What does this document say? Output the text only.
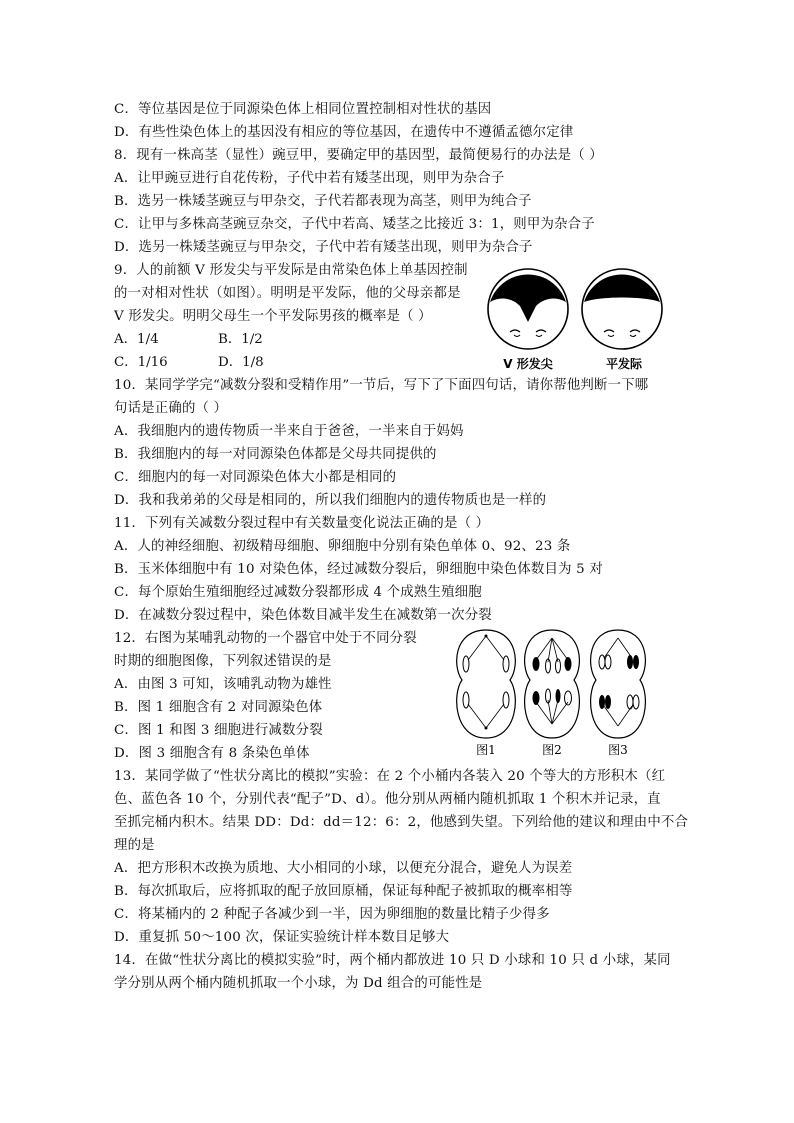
C．等位基因是位于同源染色体上相同位置控制相对性状的基因
D．有些性染色体上的基因没有相应的等位基因，在遗传中不遵循孟德尔定律
8．现有一株高茎（显性）豌豆甲，要确定甲的基因型，最简便易行的办法是（ ）
A．让甲豌豆进行自花传粉，子代中若有矮茎出现，则甲为杂合子
B．选另一株矮茎豌豆与甲杂交，子代若都表现为高茎，则甲为纯合子
C．让甲与多株高茎豌豆杂交，子代中若高、矮茎之比接近 3：1，则甲为杂合子
D．选另一株矮茎豌豆与甲杂交，子代中若有矮茎出现，则甲为杂合子
9．人的前额 V 形发尖与平发际是由常染色体上单基因控制
的一对相对性状（如图）。明明是平发际，他的父母亲都是
V 形发尖。明明父母生一个平发际男孩的概率是（ ）
A．1/4	B．1/2
C．1/16	D．1/8
10．某同学学完“减数分裂和受精作用”一节后，写下了下面四句话，请你帮他判断一下哪
句话是正确的（ ）
A．我细胞内的遗传物质一半来自于爸爸，一半来自于妈妈
B．我细胞内的每一对同源染色体都是父母共同提供的
C．细胞内的每一对同源染色体大小都是相同的
D．我和我弟弟的父母是相同的，所以我们细胞内的遗传物质也是一样的
11．下列有关减数分裂过程中有关数量变化说法正确的是（ ）
A．人的神经细胞、初级精母细胞、卵细胞中分别有染色单体 0、92、23 条
B．玉米体细胞中有 10 对染色体，经过减数分裂后，卵细胞中染色体数目为 5 对
C．每个原始生殖细胞经过减数分裂都形成 4 个成熟生殖细胞
D．在减数分裂过程中，染色体数目减半发生在减数第一次分裂
12．右图为某哺乳动物的一个器官中处于不同分裂
时期的细胞图像，下列叙述错误的是
A．由图 3 可知，该哺乳动物为雄性
B．图 1 细胞含有 2 对同源染色体
C．图 1 和图 3 细胞进行减数分裂
D．图 3 细胞含有 8 条染色单体
13．某同学做了“性状分离比的模拟”实验：在 2 个小桶内各装入 20 个等大的方形积木（红
色、蓝色各 10 个，分别代表“配子”D、d）。他分别从两桶内随机抓取 1 个积木并记录，直
至抓完桶内积木。结果 DD：Dd：dd＝12：6：2，他感到失望。下列给他的建议和理由中不合
理的是
A．把方形积木改换为质地、大小相同的小球，以便充分混合，避免人为误差
B．每次抓取后，应将抓取的配子放回原桶，保证每种配子被抓取的概率相等
C．将某桶内的 2 种配子各减少到一半，因为卵细胞的数量比精子少得多
D．重复抓 50～100 次，保证实验统计样本数目足够大
14．在做“性状分离比的模拟实验”时，两个桶内都放进 10 只 D 小球和 10 只 d 小球，某同
学分别从两个桶内随机抓取一个小球，为 Dd 组合的可能性是
V 形发尖	平发际
图1	图2	图3
